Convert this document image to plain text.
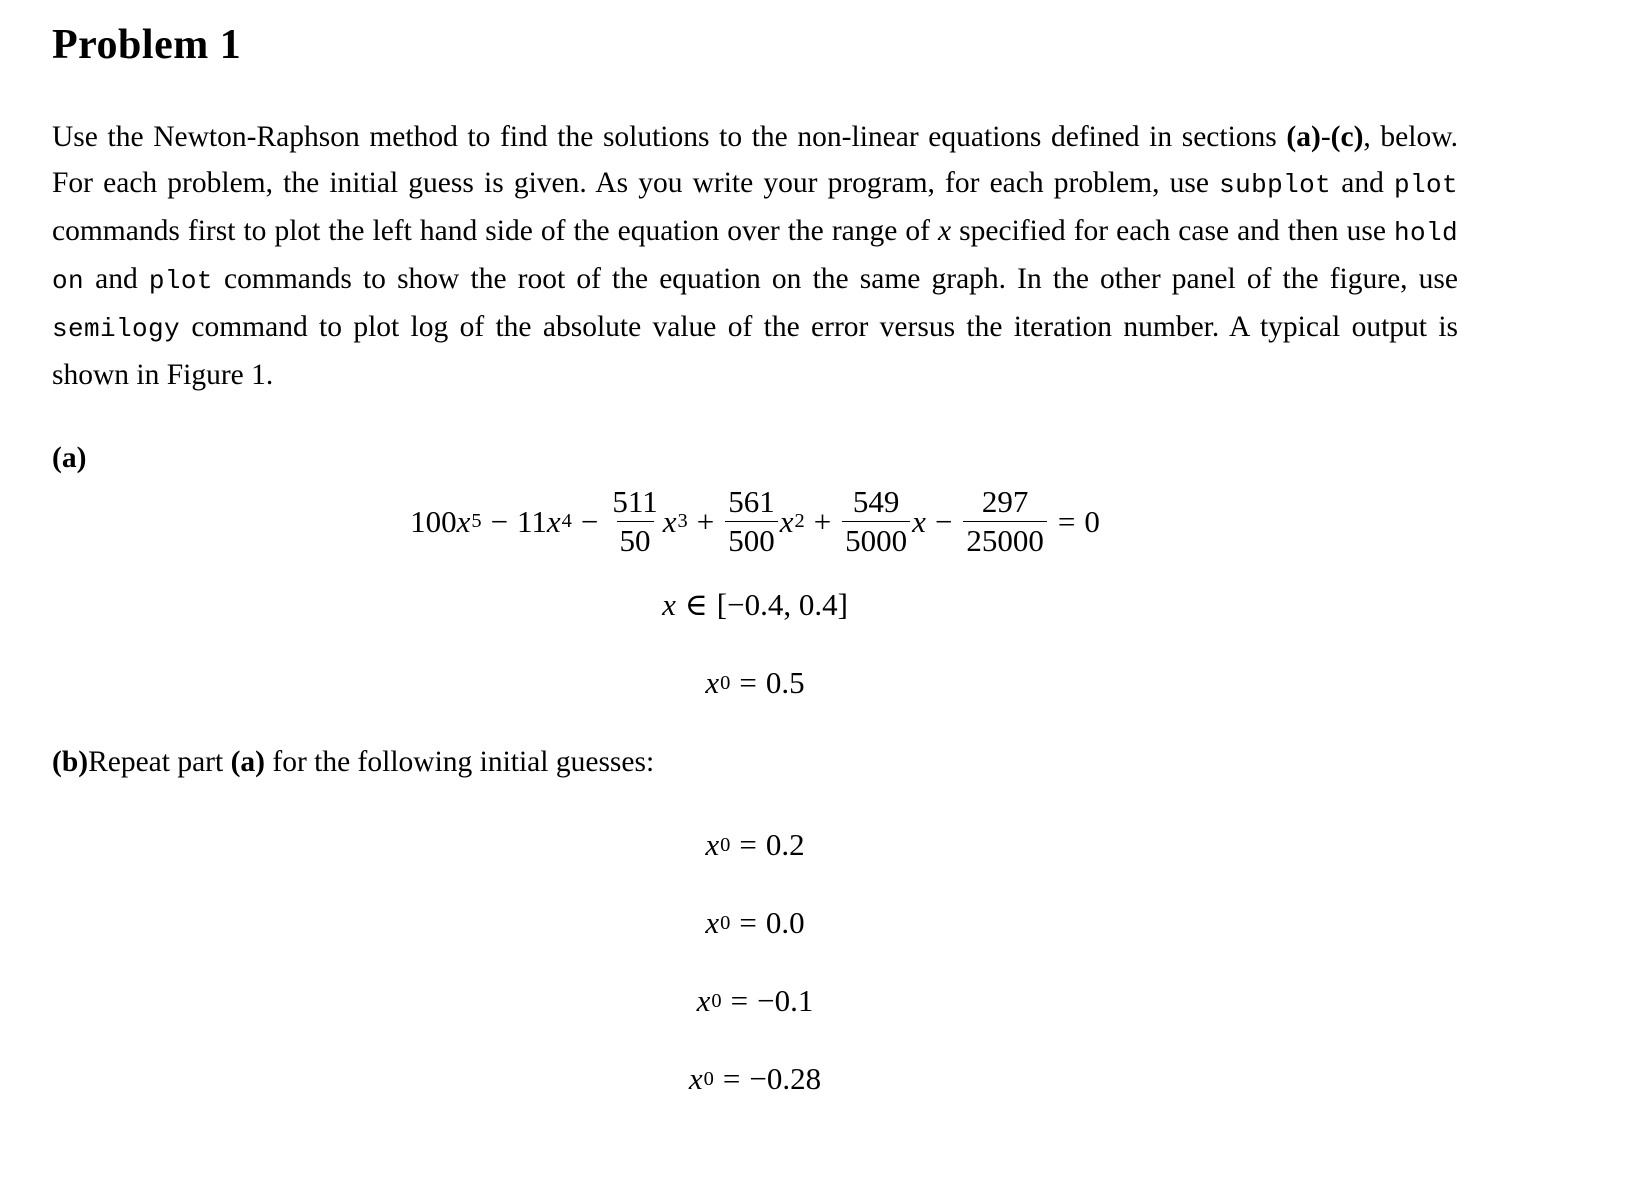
Problem 1

Use the Newton-Raphson method to find the solutions to the non-linear equations defined in sections (a)-(c), below. For each problem, the initial guess is given. As you write your program, for each problem, use subplot and plot commands first to plot the left hand side of the equation over the range of x specified for each case and then use hold on and plot commands to show the root of the equation on the same graph. In the other panel of the figure, use semilogy command to plot log of the absolute value of the error versus the iteration number. A typical output is shown in Figure 1.

(a)
100 x 5 − 11 x $4 - \frac{511}{50}$ x $3 + \frac{561}{500}$ x $2 + \frac{549}{5000}$ $x - \frac{297}{25000} = 0$
x ∈ [−0.4, 0.4]
x 0 = 0.5
(b)Repeat part (a) for the following initial guesses:
x 0 = 0.2
x 0 = 0.0
x 0 = −0.1
x 0 = −0.28
